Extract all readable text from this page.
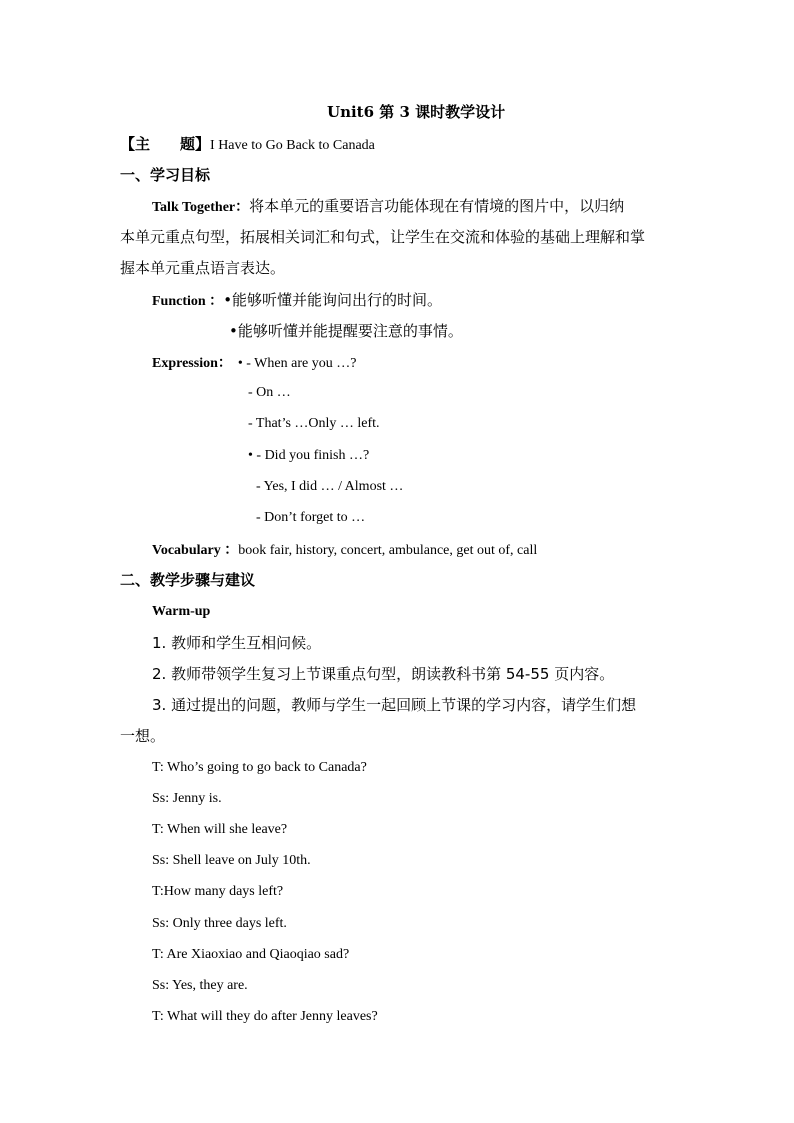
Unit6 第 3 课时教学设计
【主 题】I Have to Go Back to Canada
一、学习目标
Talk Together：将本单元的重要语言功能体现在有情境的图片中，以归纳
本单元重点句型，拓展相关词汇和句式，让学生在交流和体验的基础上理解和掌
握本单元重点语言表达。
Function ：•能够听懂并能询问出行的时间。
•能够听懂并能提醒要注意的事情。
Expression： • - When are you …?
- On …
- That’s …Only … left.
• - Did you finish …?
- Yes, I did … / Almost …
- Don’t forget to …
Vocabulary ：book fair, history, concert, ambulance, get out of, call
二、教学步骤与建议
Warm-up
1. 教师和学生互相问候。
2. 教师带领学生复习上节课重点句型，朗读教科书第 54-55 页内容。
3. 通过提出的问题，教师与学生一起回顾上节课的学习内容，请学生们想
一想。
T: Who’s going to go back to Canada?
Ss: Jenny is.
T: When will she leave?
Ss: Shell leave on July 10th.
T:How many days left?
Ss: Only three days left.
T: Are Xiaoxiao and Qiaoqiao sad?
Ss: Yes, they are.
T: What will they do after Jenny leaves?
